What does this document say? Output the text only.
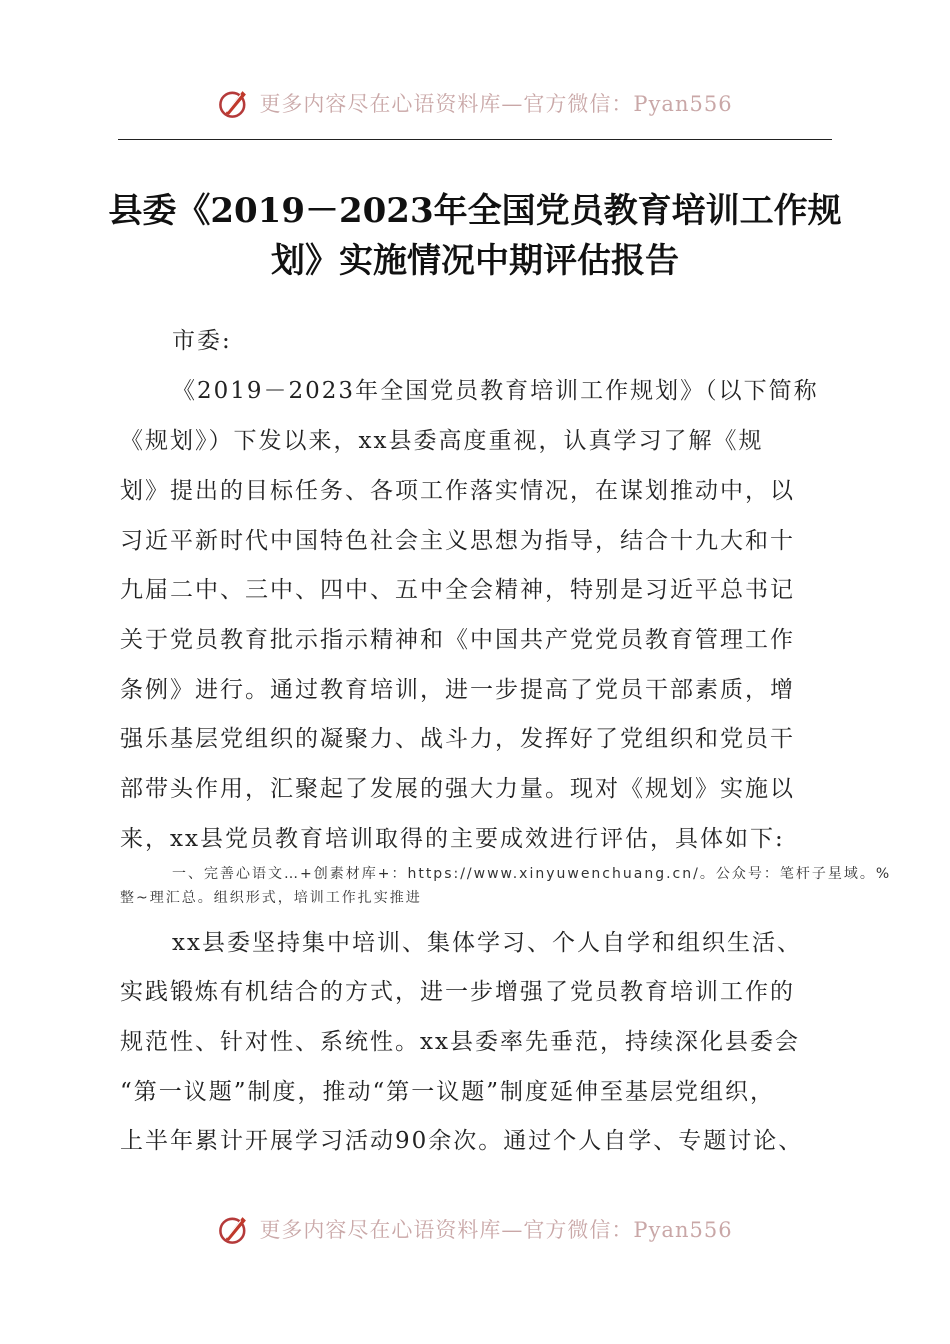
更多内容尽在心语资料库—官方微信：Pyan556
县委《2019－2023年全国党员教育培训工作规
划》实施情况中期评估报告
市委:
《2019－2023年全国党员教育培训工作规划》（以下简称
《规划》）下发以来，xx县委高度重视，认真学习了解《规
划》提出的目标任务、各项工作落实情况，在谋划推动中，以
习近平新时代中国特色社会主义思想为指导，结合十九大和十
九届二中、三中、四中、五中全会精神，特别是习近平总书记
关于党员教育批示指示精神和《中国共产党党员教育管理工作
条例》进行。通过教育培训，进一步提高了党员干部素质，增
强乐基层党组织的凝聚力、战斗力，发挥好了党组织和党员干
部带头作用，汇聚起了发展的强大力量。现对《规划》实施以
来，xx县党员教育培训取得的主要成效进行评估，具体如下:
一、完善心语文…+创素材库+：https://www.xinyuwenchuang.cn/。公众号：笔杆子星域。%
整~理汇总。组织形式，培训工作扎实推进
xx县委坚持集中培训、集体学习、个人自学和组织生活、
实践锻炼有机结合的方式，进一步增强了党员教育培训工作的
规范性、针对性、系统性。xx县委率先垂范，持续深化县委会
“第一议题”制度，推动“第一议题”制度延伸至基层党组织，
上半年累计开展学习活动90余次。通过个人自学、专题讨论、
更多内容尽在心语资料库—官方微信：Pyan556
